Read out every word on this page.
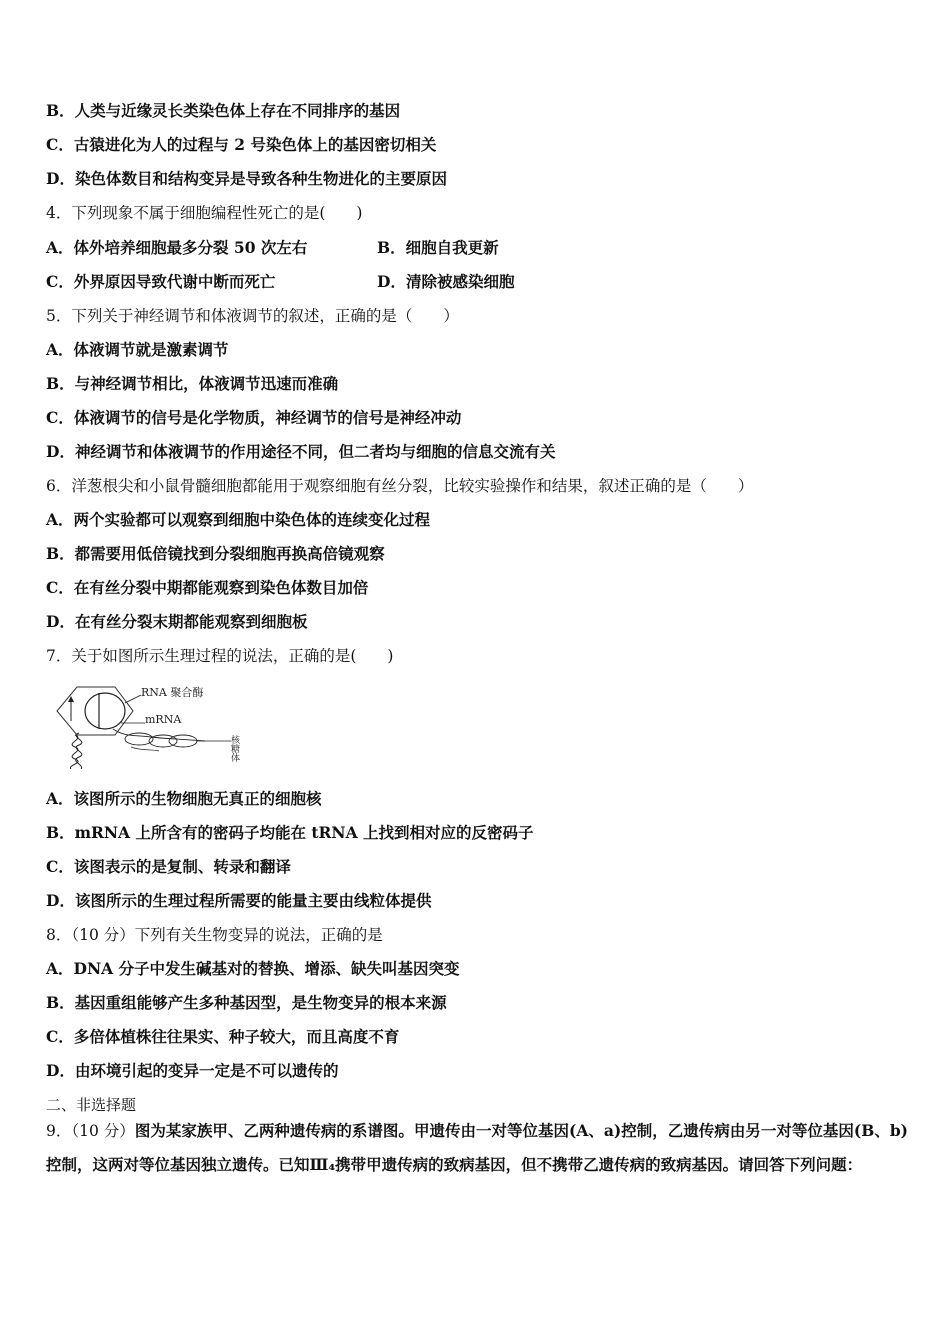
B．人类与近缘灵长类染色体上存在不同排序的基因
C．古猿进化为人的过程与 2 号染色体上的基因密切相关
D．染色体数目和结构变异是导致各种生物进化的主要原因
4．下列现象不属于细胞编程性死亡的是(　　)
A．体外培养细胞最多分裂 50 次左右	B．细胞自我更新
C．外界原因导致代谢中断而死亡	D．清除被感染细胞
5．下列关于神经调节和体液调节的叙述，正确的是（　　）
A．体液调节就是激素调节
B．与神经调节相比，体液调节迅速而准确
C．体液调节的信号是化学物质，神经调节的信号是神经冲动
D．神经调节和体液调节的作用途径不同，但二者均与细胞的信息交流有关
6．洋葱根尖和小鼠骨髓细胞都能用于观察细胞有丝分裂，比较实验操作和结果，叙述正确的是（　　）
A．两个实验都可以观察到细胞中染色体的连续变化过程
B．都需要用低倍镜找到分裂细胞再换高倍镜观察
C．在有丝分裂中期都能观察到染色体数目加倍
D．在有丝分裂末期都能观察到细胞板
7．关于如图所示生理过程的说法，正确的是(　　)
RNA 聚合酶
mRNA
核糖体
A．该图所示的生物细胞无真正的细胞核
B．mRNA 上所含有的密码子均能在 tRNA 上找到相对应的反密码子
C．该图表示的是复制、转录和翻译
D．该图所示的生理过程所需要的能量主要由线粒体提供
8．（10 分）下列有关生物变异的说法，正确的是
A．DNA 分子中发生碱基对的替换、增添、缺失叫基因突变
B．基因重组能够产生多种基因型，是生物变异的根本来源
C．多倍体植株往往果实、种子较大，而且高度不育
D．由环境引起的变异一定是不可以遗传的
二、非选择题
9．（10 分）图为某家族甲、乙两种遗传病的系谱图。甲遗传由一对等位基因(A、a)控制，乙遗传病由另一对等位基因(B、b)控制，这两对等位基因独立遗传。已知Ⅲ₄携带甲遗传病的致病基因，但不携带乙遗传病的致病基因。请回答下列问题：
